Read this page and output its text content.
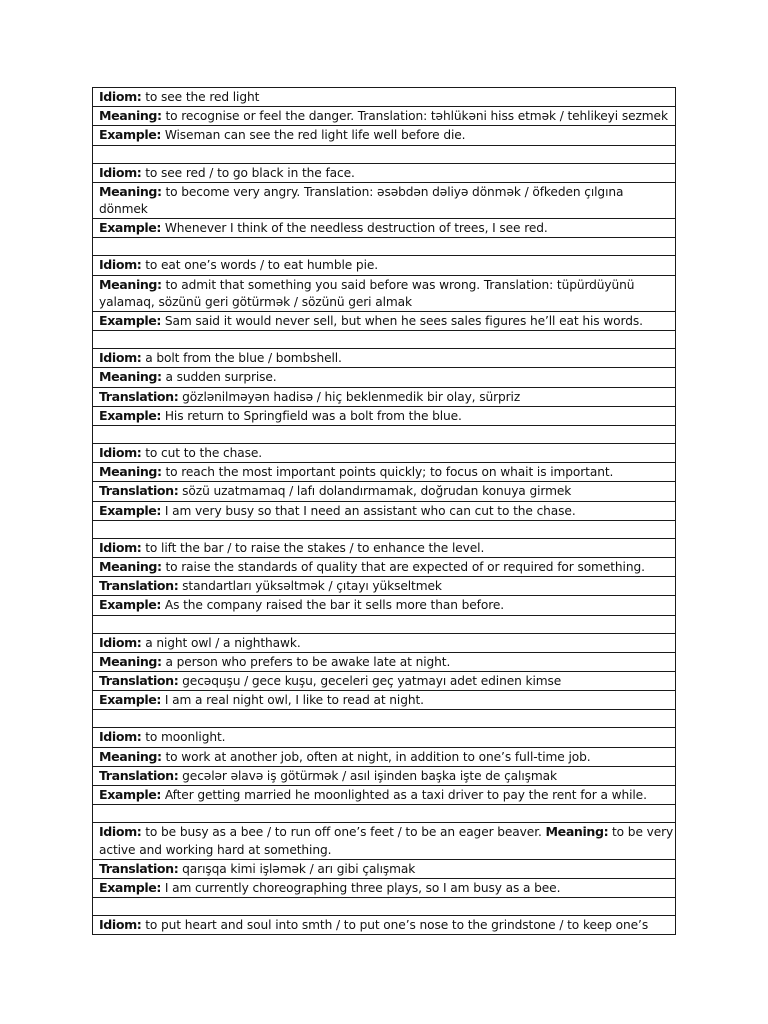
Idiom: to see the red light
Meaning: to recognise or feel the danger. Translation: təhlükəni hiss etmək / tehlikeyi sezmek
Example: Wiseman can see the red light life well before die.

Idiom: to see red / to go black in the face.
Meaning: to become very angry. Translation: əsəbdən dəliyə dönmək / öfkeden çılgına dönmek
Example: Whenever I think of the needless destruction of trees, I see red.

Idiom: to eat one’s words / to eat humble pie.
Meaning: to admit that something you said before was wrong. Translation: tüpürdüyünü yalamaq, sözünü geri götürmək / sözünü geri almak
Example: Sam said it would never sell, but when he sees sales figures he’ll eat his words.

Idiom: a bolt from the blue / bombshell.
Meaning: a sudden surprise.
Translation: gözlənilməyən hadisə / hiç beklenmedik bir olay, sürpriz
Example: His return to Springfield was a bolt from the blue.

Idiom: to cut to the chase.
Meaning: to reach the most important points quickly; to focus on whait is important.
Translation: sözü uzatmamaq / lafı dolandırmamak, doğrudan konuya girmek
Example: I am very busy so that I need an assistant who can cut to the chase.

Idiom: to lift the bar / to raise the stakes / to enhance the level.
Meaning: to raise the standards of quality that are expected of or required for something.
Translation: standartları yüksəltmək / çıtayı yükseltmek
Example: As the company raised the bar it sells more than before.

Idiom: a night owl / a nighthawk.
Meaning: a person who prefers to be awake late at night.
Translation: gecəquşu / gece kuşu, geceleri geç yatmayı adet edinen kimse
Example: I am a real night owl, I like to read at night.

Idiom: to moonlight.
Meaning: to work at another job, often at night, in addition to one’s full-time job.
Translation: gecələr əlavə iş götürmək / asıl işinden başka işte de çalışmak
Example: After getting married he moonlighted as a taxi driver to pay the rent for a while.

Idiom: to be busy as a bee / to run off one’s feet / to be an eager beaver. Meaning: to be very active and working hard at something.
Translation: qarışqa kimi işləmək / arı gibi çalışmak
Example: I am currently choreographing three plays, so I am busy as a bee.

Idiom: to put heart and soul into smth / to put one’s nose to the grindstone / to keep one’s
